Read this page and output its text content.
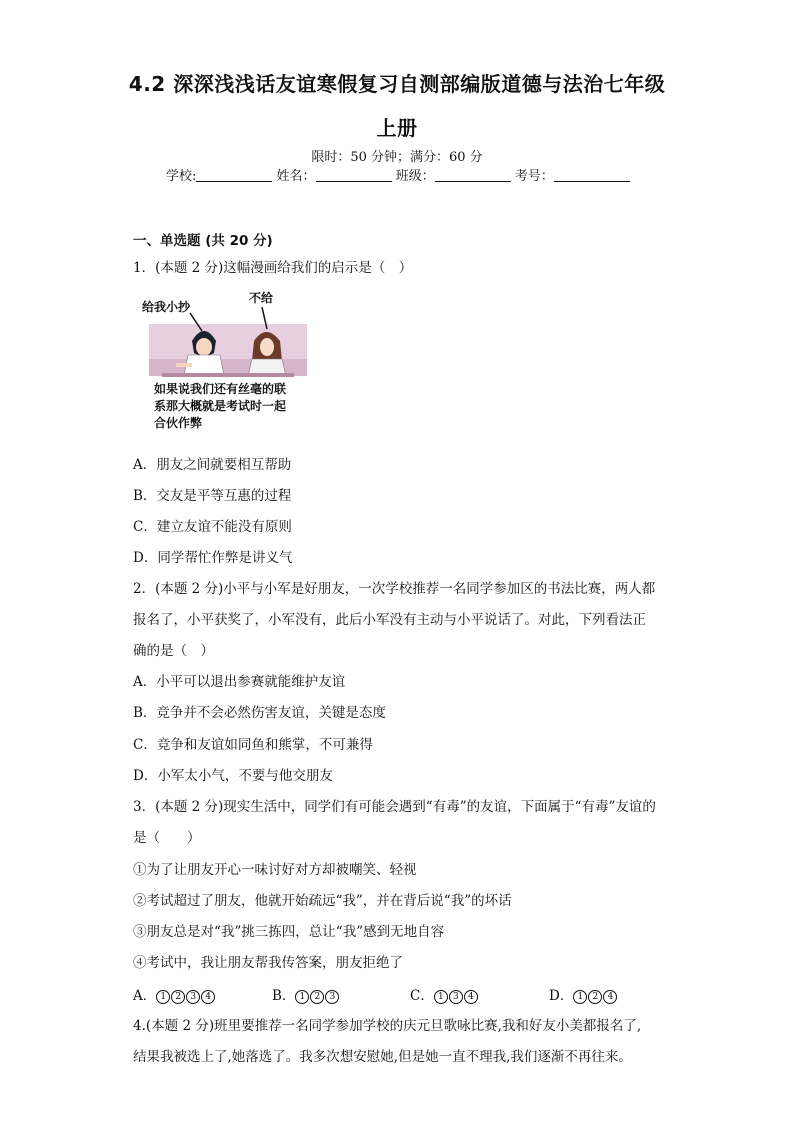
4.2 深深浅浅话友谊寒假复习自测部编版道德与法治七年级
上册
限时：50 分钟；满分：60 分
学校:	姓名：	班级：	考号：
一、单选题 (共 20 分)
1．(本题 2 分)这幅漫画给我们的启示是（　）
给我小抄
不给
如果说我们还有丝毫的联
系那大概就是考试时一起
合伙作弊
A．朋友之间就要相互帮助
B．交友是平等互惠的过程
C．建立友谊不能没有原则
D．同学帮忙作弊是讲义气
2．(本题 2 分)小平与小军是好朋友，一次学校推荐一名同学参加区的书法比赛，两人都
报名了，小平获奖了，小军没有，此后小军没有主动与小平说话了。对此，下列看法正
确的是（　）
A．小平可以退出参赛就能维护友谊
B．竞争并不会必然伤害友谊，关键是态度
C．竞争和友谊如同鱼和熊掌，不可兼得
D．小军太小气，不要与他交朋友
3．(本题 2 分)现实生活中，同学们有可能会遇到“有毒”的友谊，下面属于“有毒”友谊的
是（　　）
①为了让朋友开心一味讨好对方却被嘲笑、轻视
②考试超过了朋友，他就开始疏远“我”，并在背后说“我”的坏话
③朋友总是对“我”挑三拣四，总让“我”感到无地自容
④考试中，我让朋友帮我传答案，朋友拒绝了
A． 1 2 3 4	B． 1 2 3	C． 1 3 4	D． 1 2 4
4.(本题 2 分)班里要推荐一名同学参加学校的庆元旦歌咏比赛,我和好友小美都报名了,
结果我被选上了,她落选了。我多次想安慰她,但是她一直不理我,我们逐渐不再往来。
